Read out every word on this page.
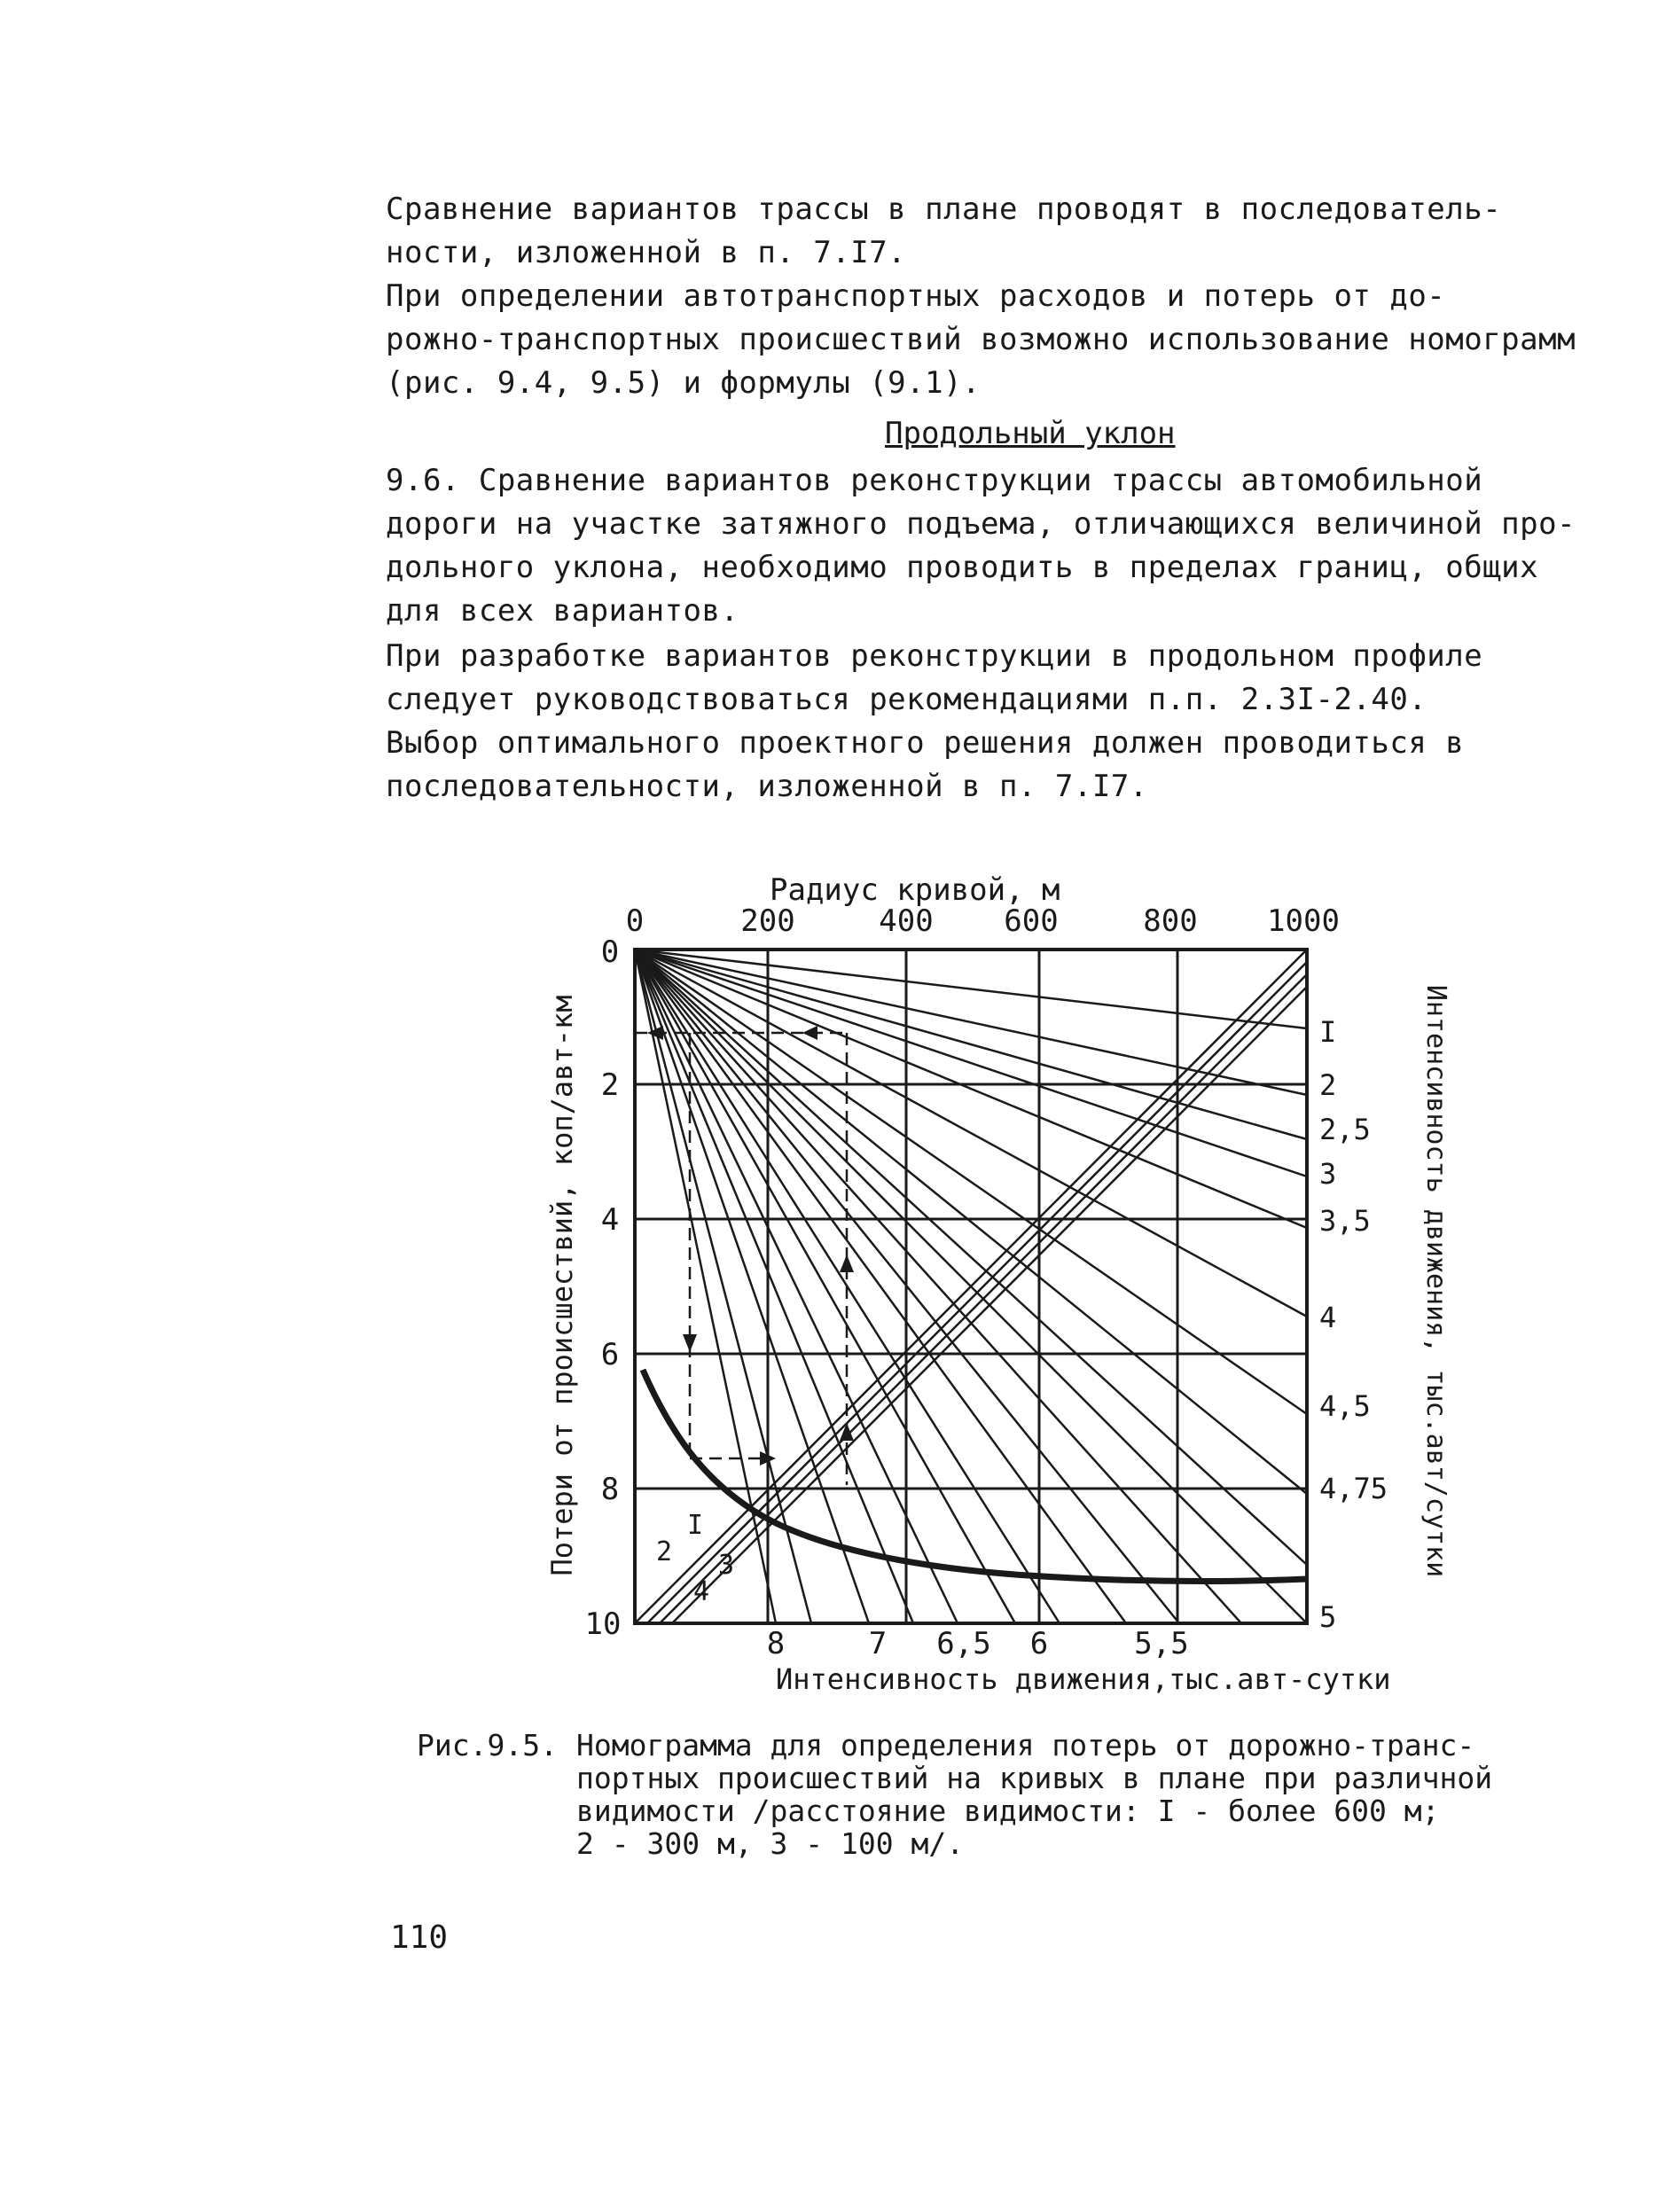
Сравнение вариантов трассы в плане проводят в последователь-
ности, изложенной в п. 7.I7.
При определении автотранспортных расходов и потерь от до-
рожно-транспортных происшествий возможно использование номограмм
(рис. 9.4, 9.5) и формулы (9.1).
Продольный уклон
9.6. Сравнение вариантов реконструкции трассы автомобильной
дороги на участке затяжного подъема, отличающихся величиной про-
дольного уклона, необходимо проводить в пределах границ, общих
для всех вариантов.
При разработке вариантов реконструкции в продольном профиле
следует руководствоваться рекомендациями п.п. 2.3I-2.40.
Выбор оптимального проектного решения должен проводиться в
последовательности, изложенной в п. 7.I7.
Радиус кривой, м
0	200	400 600	800 1000
I
2 3
4
0
2
4
6
8
10
Потери от происшествий, коп/авт-км	I
2
2,5
3
3,5
4
4,5
4,75
5
Интенсивность движения, тыс.авт/сутки
8	7 6,5 6	5,5
Интенсивность движения,тыс.авт-сутки
Рис.9.5. Номограмма для определения потерь от дорожно-транс-
портных происшествий на кривых в плане при различной
видимости /расстояние видимости: I - более 600 м;
2 - 300 м, 3 - 100 м/.
110
